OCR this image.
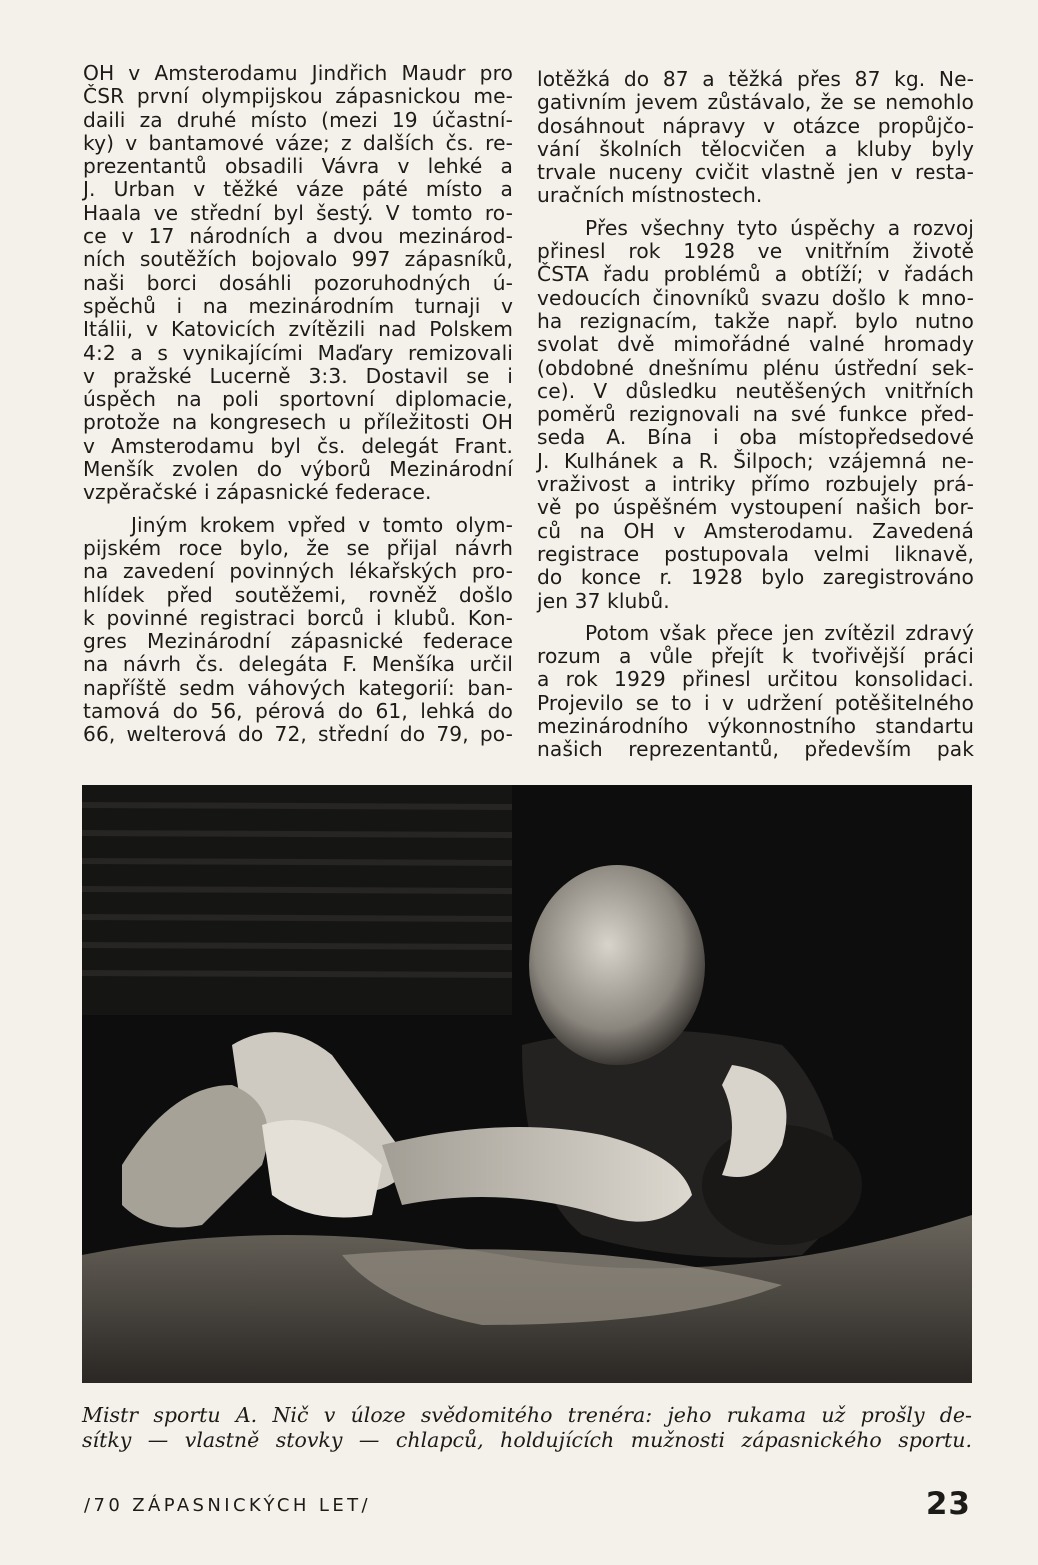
OH v Amsterodamu Jindřich Maudr pro
ČSR první olympijskou zápasnickou me-
daili za druhé místo (mezi 19 účastní-
ky) v bantamové váze; z dalších čs. re-
prezentantů obsadili Vávra v lehké a
J. Urban v těžké váze páté místo a
Haala ve střední byl šestý. V tomto ro-
ce v 17 národních a dvou mezinárod-
ních soutěžích bojovalo 997 zápasníků,
naši borci dosáhli pozoruhodných ú-
spěchů i na mezinárodním turnaji v
Itálii, v Katovicích zvítězili nad Polskem
4:2 a s vynikajícími Maďary remizovali
v pražské Lucerně 3:3. Dostavil se i
úspěch na poli sportovní diplomacie,
protože na kongresech u příležitosti OH
v Amsterodamu byl čs. delegát Frant.
Menšík zvolen do výborů Mezinárodní
vzpěračské i zápasnické federace.
Jiným krokem vpřed v tomto olym-
pijském roce bylo, že se přijal návrh
na zavedení povinných lékařských pro-
hlídek před soutěžemi, rovněž došlo
k povinné registraci borců i klubů. Kon-
gres Mezinárodní zápasnické federace
na návrh čs. delegáta F. Menšíka určil
napříště sedm váhových kategorií: ban-
tamová do 56, pérová do 61, lehká do
66, welterová do 72, střední do 79, po-
lotěžká do 87 a těžká přes 87 kg. Ne-
gativním jevem zůstávalo, že se nemohlo
dosáhnout nápravy v otázce propůjčo-
vání školních tělocvičen a kluby byly
trvale nuceny cvičit vlastně jen v resta-
uračních místnostech.
Přes všechny tyto úspěchy a rozvoj
přinesl rok 1928 ve vnitřním životě
ČSTA řadu problémů a obtíží; v řadách
vedoucích činovníků svazu došlo k mno-
ha rezignacím, takže např. bylo nutno
svolat dvě mimořádné valné hromady
(obdobné dnešnímu plénu ústřední sek-
ce). V důsledku neutěšených vnitřních
poměrů rezignovali na své funkce před-
seda A. Bína i oba místopředsedové
J. Kulhánek a R. Šilpoch; vzájemná ne-
vraživost a intriky přímo rozbujely prá-
vě po úspěšném vystoupení našich bor-
ců na OH v Amsterodamu. Zavedená
registrace postupovala velmi liknavě,
do konce r. 1928 bylo zaregistrováno
jen 37 klubů.
Potom však přece jen zvítězil zdravý
rozum a vůle přejít k tvořivější práci
a rok 1929 přinesl určitou konsolidaci.
Projevilo se to i v udržení potěšitelného
mezinárodního výkonnostního standartu
našich reprezentantů, především pak
Mistr sportu A. Nič v úloze svědomitého trenéra: jeho rukama už prošly de-
sítky — vlastně stovky — chlapců, holdujících mužnosti zápasnického sportu.
/70 ZÁPASNICKÝCH LET/	23
